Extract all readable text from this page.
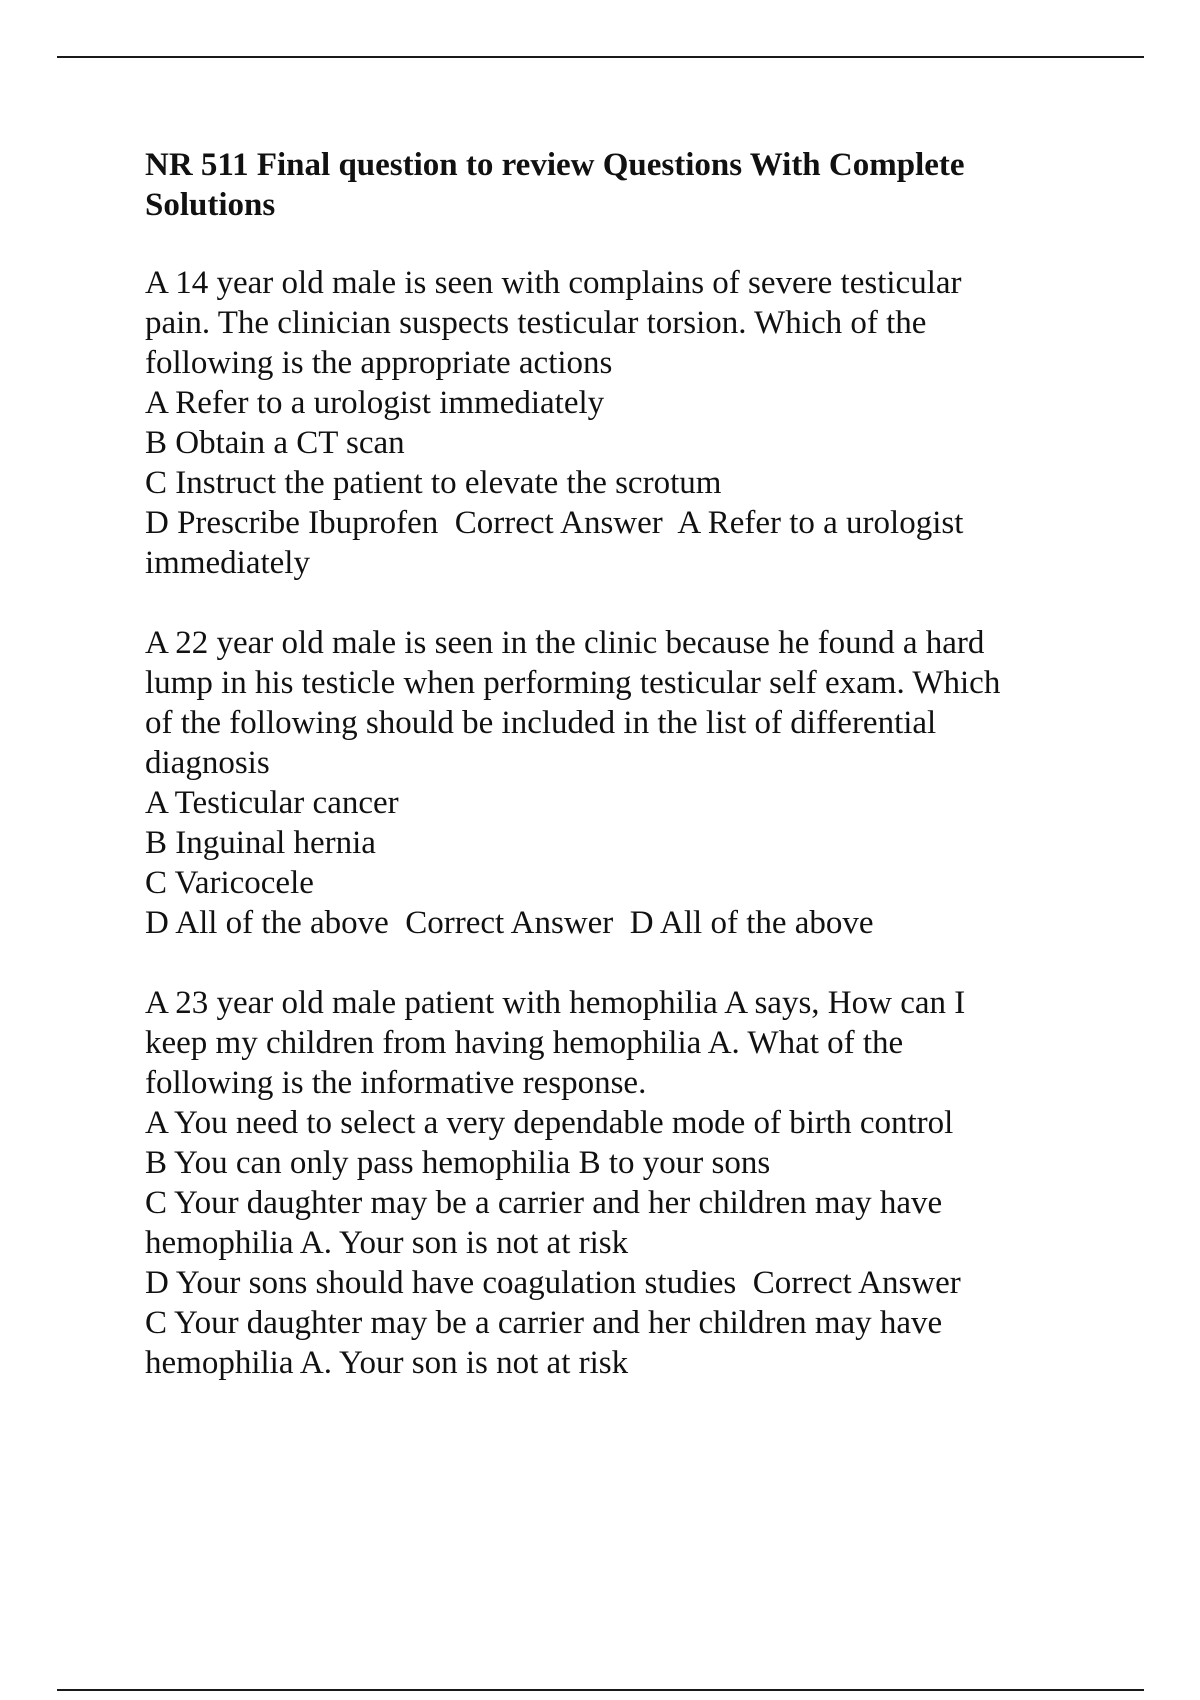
NR 511 Final question to review Questions With Complete
Solutions
A 14 year old male is seen with complains of severe testicular
pain. The clinician suspects testicular torsion. Which of the
following is the appropriate actions
A Refer to a urologist immediately
B Obtain a CT scan
C Instruct the patient to elevate the scrotum
D Prescribe Ibuprofen  Correct Answer  A Refer to a urologist
immediately
A 22 year old male is seen in the clinic because he found a hard
lump in his testicle when performing testicular self exam. Which
of the following should be included in the list of differential
diagnosis
A Testicular cancer
B Inguinal hernia
C Varicocele
D All of the above  Correct Answer  D All of the above
A 23 year old male patient with hemophilia A says, How can I
keep my children from having hemophilia A. What of the
following is the informative response.
A You need to select a very dependable mode of birth control
B You can only pass hemophilia B to your sons
C Your daughter may be a carrier and her children may have
hemophilia A. Your son is not at risk
D Your sons should have coagulation studies  Correct Answer
C Your daughter may be a carrier and her children may have
hemophilia A. Your son is not at risk
